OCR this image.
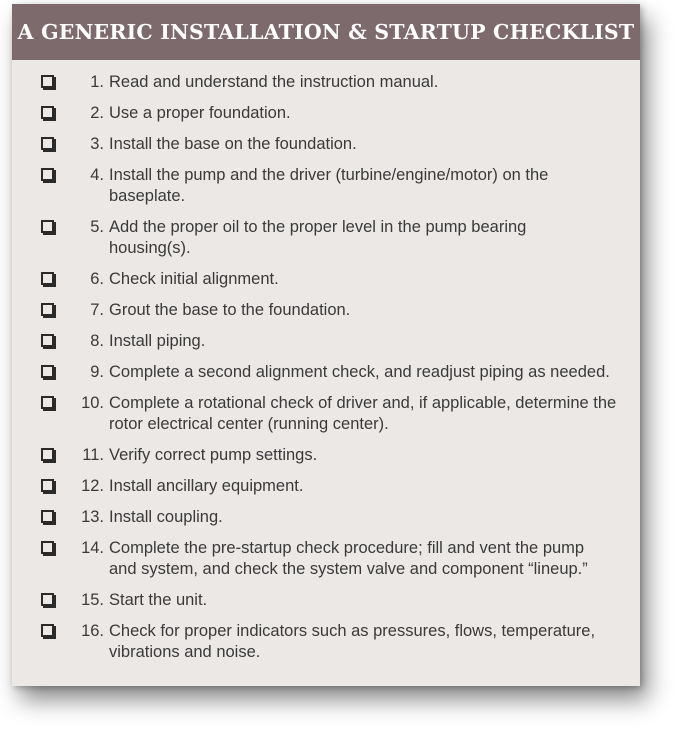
A GENERIC INSTALLATION & STARTUP CHECKLIST
1. Read and understand the instruction manual.
2. Use a proper foundation.
3. Install the base on the foundation.
4. Install the pump and the driver (turbine/engine/motor) on the baseplate.
5. Add the proper oil to the proper level in the pump bearing housing(s).
6. Check initial alignment.
7. Grout the base to the foundation.
8. Install piping.
9. Complete a second alignment check, and readjust piping as needed.
10. Complete a rotational check of driver and, if applicable, determine the rotor electrical center (running center).
11. Verify correct pump settings.
12. Install ancillary equipment.
13. Install coupling.
14. Complete the pre-startup check procedure; fill and vent the pump and system, and check the system valve and component “lineup.”
15. Start the unit.
16. Check for proper indicators such as pressures, flows, temperature, vibrations and noise.
